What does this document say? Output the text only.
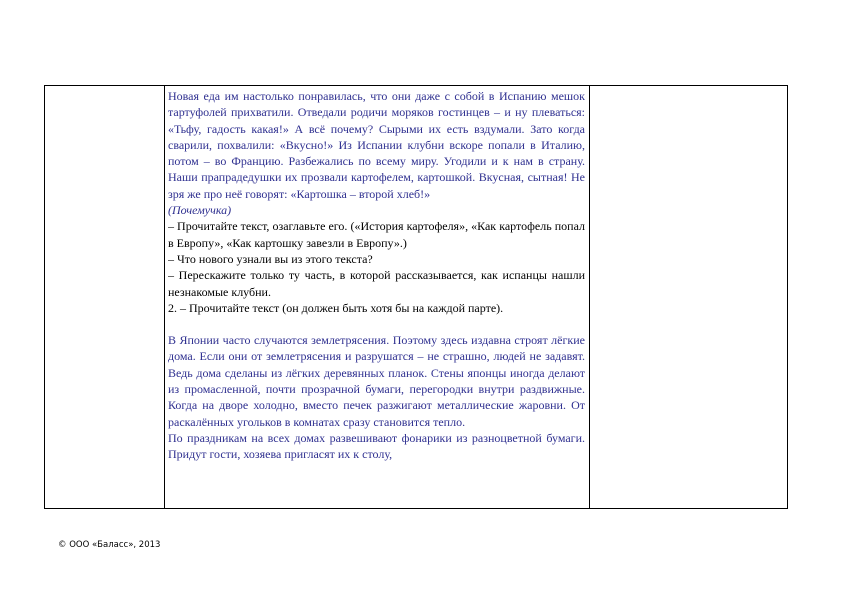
Новая еда им настолько понравилась, что они даже с собой в Испанию мешок тартуфолей прихватили. Отведали родичи моряков гостинцев – и ну плеваться: «Тьфу, гадость какая!» А всё почему? Сырыми их есть вздумали. Зато когда сварили, похвалили: «Вкусно!» Из Испании клубни вскоре попали в Италию, потом – во Францию. Разбежались по всему миру. Угодили и к нам в страну. Наши прапрадедушки их прозвали картофелем, картошкой. Вкусная, сытная! Не зря же про неё говорят: «Картошка – второй хлеб!»

(Почемучка)

– Прочитайте текст, озаглавьте его. («История картофеля», «Как картофель попал в Европу», «Как картошку завезли в Европу».)

– Что нового узнали вы из этого текста?

– Перескажите только ту часть, в которой рассказывается, как испанцы нашли незнакомые клубни.

2. – Прочитайте текст (он должен быть хотя бы на каждой парте).

В Японии часто случаются землетрясения. Поэтому здесь издавна строят лёгкие дома. Если они от землетрясения и разрушатся – не страшно, людей не задавят. Ведь дома сделаны из лёгких деревянных планок. Стены японцы иногда делают из промасленной, почти прозрачной бумаги, перегородки внутри раздвижные. Когда на дворе холодно, вместо печек разжигают металлические жаровни. От раскалённых угольков в комнатах сразу становится тепло.

По праздникам на всех домах развешивают фонарики из разноцветной бумаги. Придут гости, хозяева пригласят их к столу,

© ООО «Баласс», 2013
